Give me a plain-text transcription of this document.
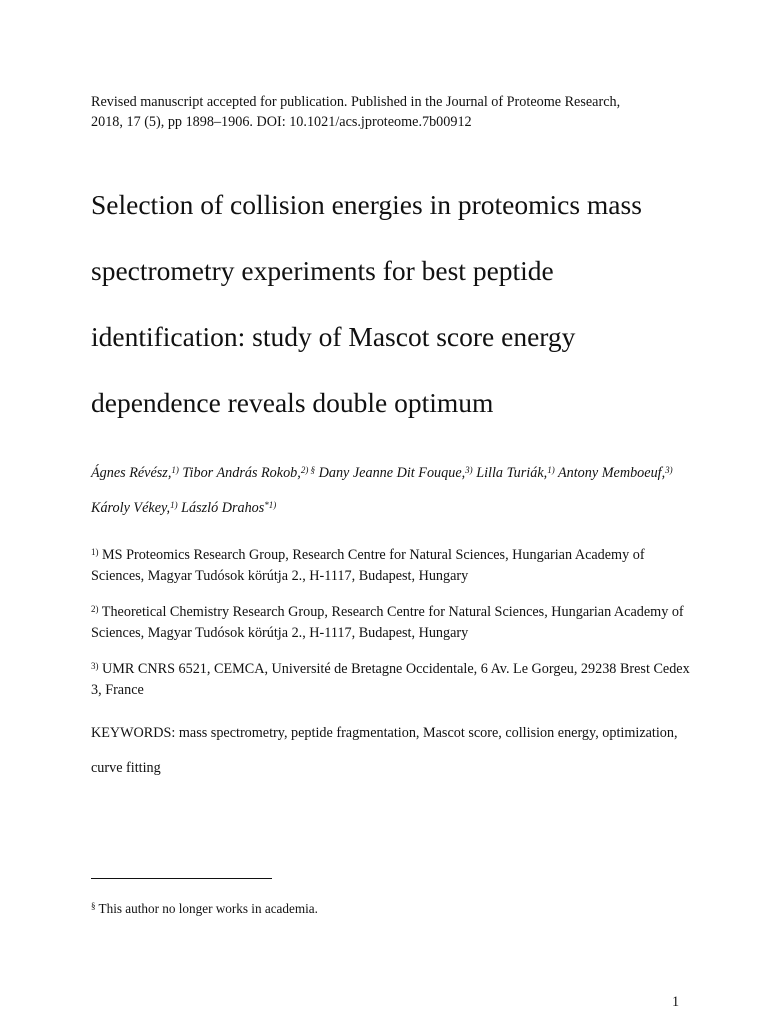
Revised manuscript accepted for publication. Published in the Journal of Proteome Research,
2018, 17 (5), pp 1898–1906. DOI: 10.1021/acs.jproteome.7b00912
Selection of collision energies in proteomics mass
spectrometry experiments for best peptide
identification: study of Mascot score energy
dependence reveals double optimum
Ágnes Révész,$^{1)}$ Tibor András Rokob,$^{2) \S}$ Dany Jeanne Dit Fouque,$^{3)}$ Lilla Turiák,$^{1)}$ Antony Memboeuf,$^{3)}$ Károly Vékey,$^{1)}$ László Drahos$^{*1)}$
$^{1)}$ MS Proteomics Research Group, Research Centre for Natural Sciences, Hungarian Academy of Sciences, Magyar Tudósok körútja 2., H-1117, Budapest, Hungary
$^{2)}$ Theoretical Chemistry Research Group, Research Centre for Natural Sciences, Hungarian Academy of Sciences, Magyar Tudósok körútja 2., H-1117, Budapest, Hungary
$^{3)}$ UMR CNRS 6521, CEMCA, Université de Bretagne Occidentale, 6 Av. Le Gorgeu, 29238 Brest Cedex 3, France
KEYWORDS: mass spectrometry, peptide fragmentation, Mascot score, collision energy, optimization, curve fitting
§ This author no longer works in academia.
1
